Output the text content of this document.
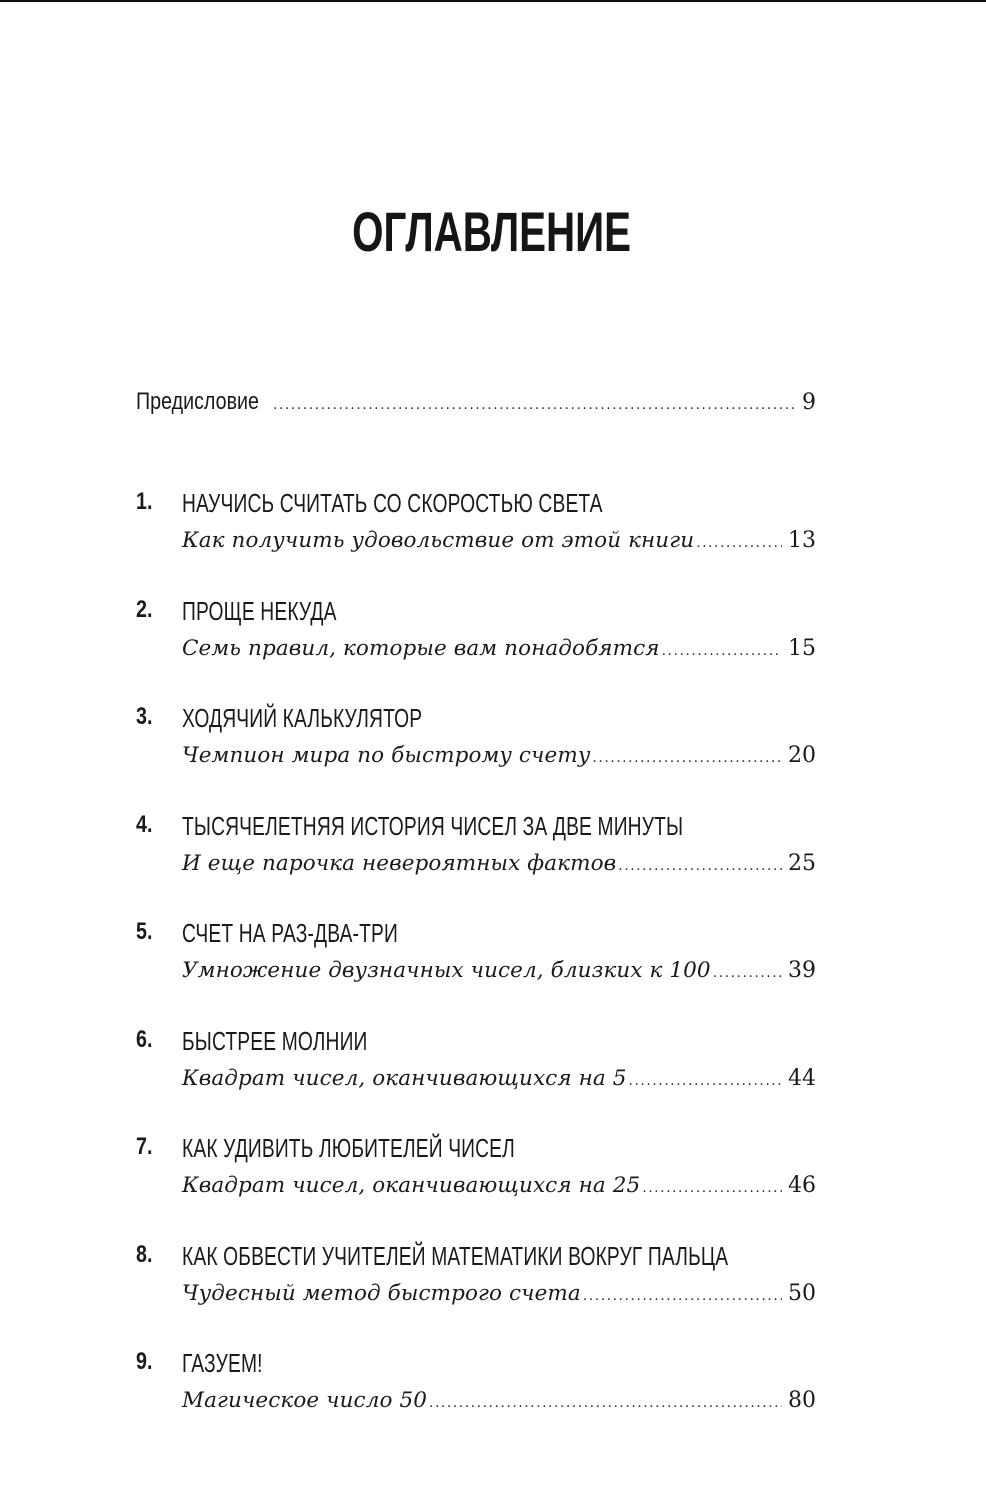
ОГЛАВЛЕНИЕ
Предисловие .....	9
1. НАУЧИСЬ СЧИТАТЬ СО СКОРОСТЬЮ СВЕТА
Как получить удовольствие от этой книги .....	13
2. ПРОЩЕ НЕКУДА
Семь правил, которые вам понадобятся .....	15
3. ХОДЯЧИЙ КАЛЬКУЛЯТОР
Чемпион мира по быстрому счету .....	20
4. ТЫСЯЧЕЛЕТНЯЯ ИСТОРИЯ ЧИСЕЛ ЗА ДВЕ МИНУТЫ
И еще парочка невероятных фактов .....	25
5. СЧЕТ НА РАЗ-ДВА-ТРИ
Умножение двузначных чисел, близких к 100 .....	39
6. БЫСТРЕЕ МОЛНИИ
Квадрат чисел, оканчивающихся на 5 .....	44
7. КАК УДИВИТЬ ЛЮБИТЕЛЕЙ ЧИСЕЛ
Квадрат чисел, оканчивающихся на 25 .....	46
8. КАК ОБВЕСТИ УЧИТЕЛЕЙ МАТЕМАТИКИ ВОКРУГ ПАЛЬЦА
Чудесный метод быстрого счета .....	50
9. ГАЗУЕМ!
Магическое число 50 .....	80
